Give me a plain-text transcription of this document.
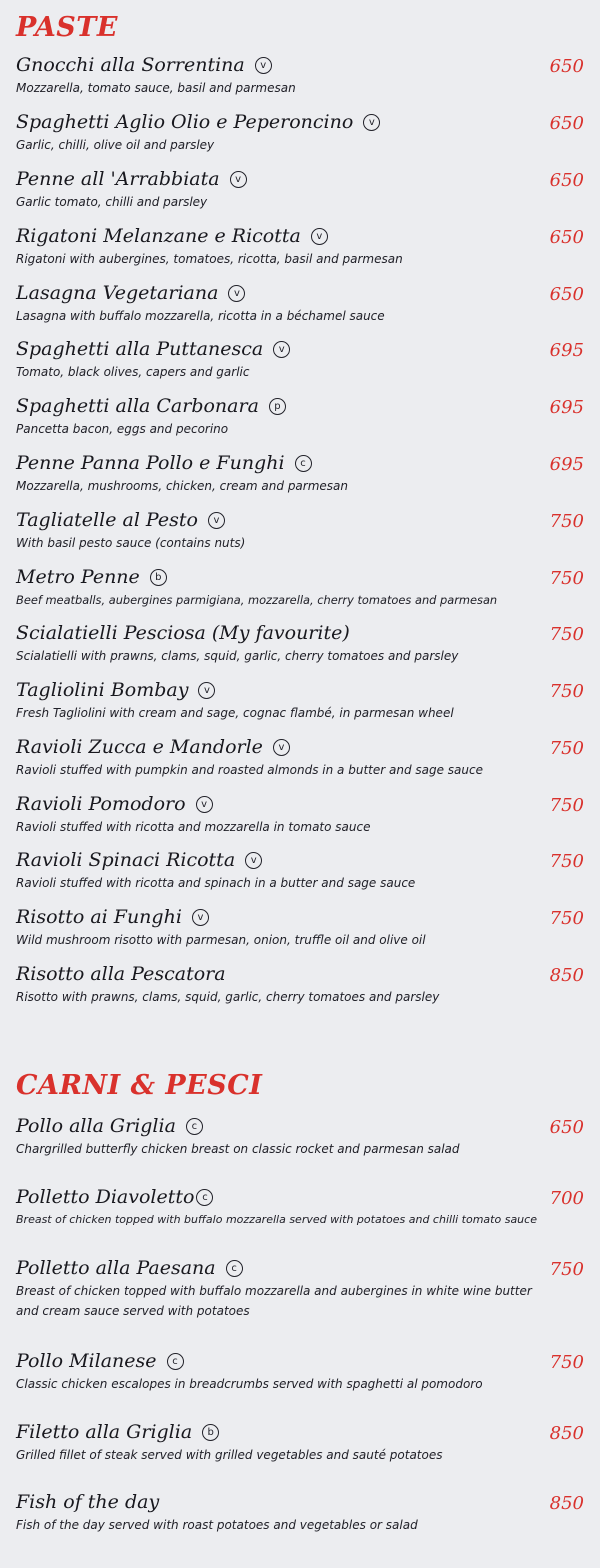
PASTE
Gnocchi alla Sorrentina v
Mozzarella, tomato sauce, basil and parmesan
650
Spaghetti Aglio Olio e Peperoncino v
Garlic, chilli, olive oil and parsley
650
Penne all 'Arrabbiata v
Garlic tomato, chilli and parsley
650
Rigatoni Melanzane e Ricotta v
Rigatoni with aubergines, tomatoes, ricotta, basil and parmesan
650
Lasagna Vegetariana v
Lasagna with buffalo mozzarella, ricotta in a béchamel sauce
650
Spaghetti alla Puttanesca v
Tomato, black olives, capers and garlic
695
Spaghetti alla Carbonara p
Pancetta bacon, eggs and pecorino
695
Penne Panna Pollo e Funghi c
Mozzarella, mushrooms, chicken, cream and parmesan
695
Tagliatelle al Pesto v
With basil pesto sauce (contains nuts)
750
Metro Penne b
Beef meatballs, aubergines parmigiana, mozzarella, cherry tomatoes and parmesan
750
Scialatielli Pesciosa (My favourite)
Scialatielli with prawns, clams, squid, garlic, cherry tomatoes and parsley
750
Tagliolini Bombay v
Fresh Tagliolini with cream and sage, cognac flambé, in parmesan wheel
750
Ravioli Zucca e Mandorle v
Ravioli stuffed with pumpkin and roasted almonds in a butter and sage sauce
750
Ravioli Pomodoro v
Ravioli stuffed with ricotta and mozzarella in tomato sauce
750
Ravioli Spinaci Ricotta v
Ravioli stuffed with ricotta and spinach in a butter and sage sauce
750
Risotto ai Funghi v
Wild mushroom risotto with parmesan, onion, truffle oil and olive oil
750
Risotto alla Pescatora
Risotto with prawns, clams, squid, garlic, cherry tomatoes and parsley
850
CARNI & PESCI
Pollo alla Griglia c
Chargrilled butterfly chicken breast on classic rocket and parmesan salad
650
Polletto Diavoletto c
Breast of chicken topped with buffalo mozzarella served with potatoes and chilli tomato sauce
700
Polletto alla Paesana c
Breast of chicken topped with buffalo mozzarella and aubergines in white wine butter and cream sauce served with potatoes
750
Pollo Milanese c
Classic chicken escalopes in breadcrumbs served with spaghetti al pomodoro
750
Filetto alla Griglia b
Grilled fillet of steak served with grilled vegetables and sauté potatoes
850
Fish of the day
Fish of the day served with roast potatoes and vegetables or salad
850
